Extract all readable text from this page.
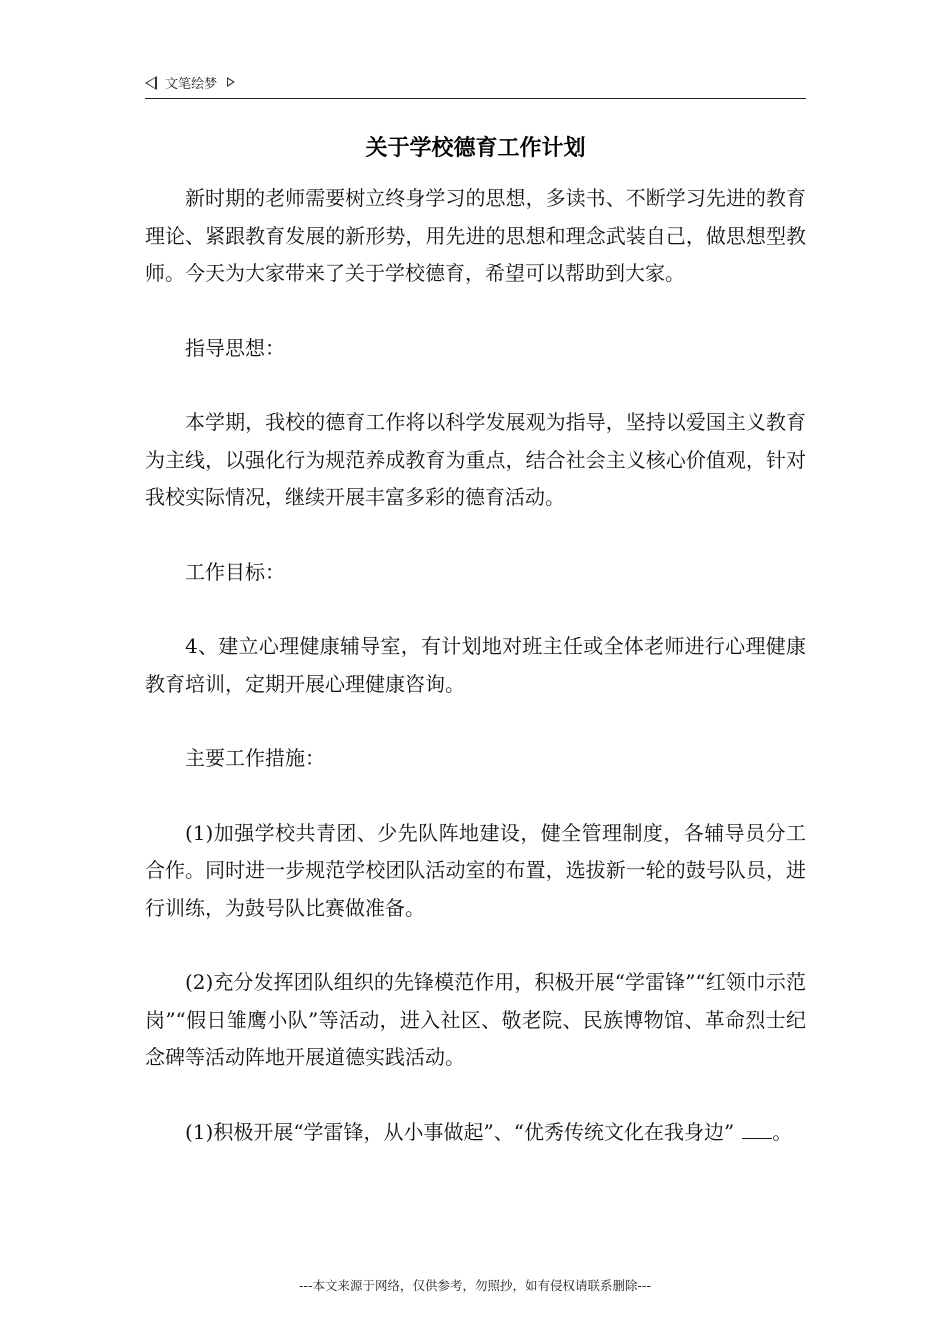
文笔绘梦
关于学校德育工作计划

新时期的老师需要树立终身学习的思想，多读书、不断学习先进的教育理论、紧跟教育发展的新形势，用先进的思想和理念武装自己，做思想型教师。今天为大家带来了关于学校德育，希望可以帮助到大家。

指导思想：

本学期，我校的德育工作将以科学发展观为指导，坚持以爱国主义教育为主线，以强化行为规范养成教育为重点，结合社会主义核心价值观，针对我校实际情况，继续开展丰富多彩的德育活动。

工作目标：

4、建立心理健康辅导室，有计划地对班主任或全体老师进行心理健康教育培训，定期开展心理健康咨询。

主要工作措施：

(1)加强学校共青团、少先队阵地建设，健全管理制度，各辅导员分工合作。同时进一步规范学校团队活动室的布置，选拔新一轮的鼓号队员，进行训练，为鼓号队比赛做准备。

(2)充分发挥团队组织的先锋模范作用，积极开展“学雷锋”“红领巾示范岗”“假日雏鹰小队”等活动，进入社区、敬老院、民族博物馆、革命烈士纪念碑等活动阵地开展道德实践活动。

(1)积极开展“学雷锋，从小事做起”、“优秀传统文化在我身边” 。

---本文来源于网络，仅供参考，勿照抄，如有侵权请联系删除---
